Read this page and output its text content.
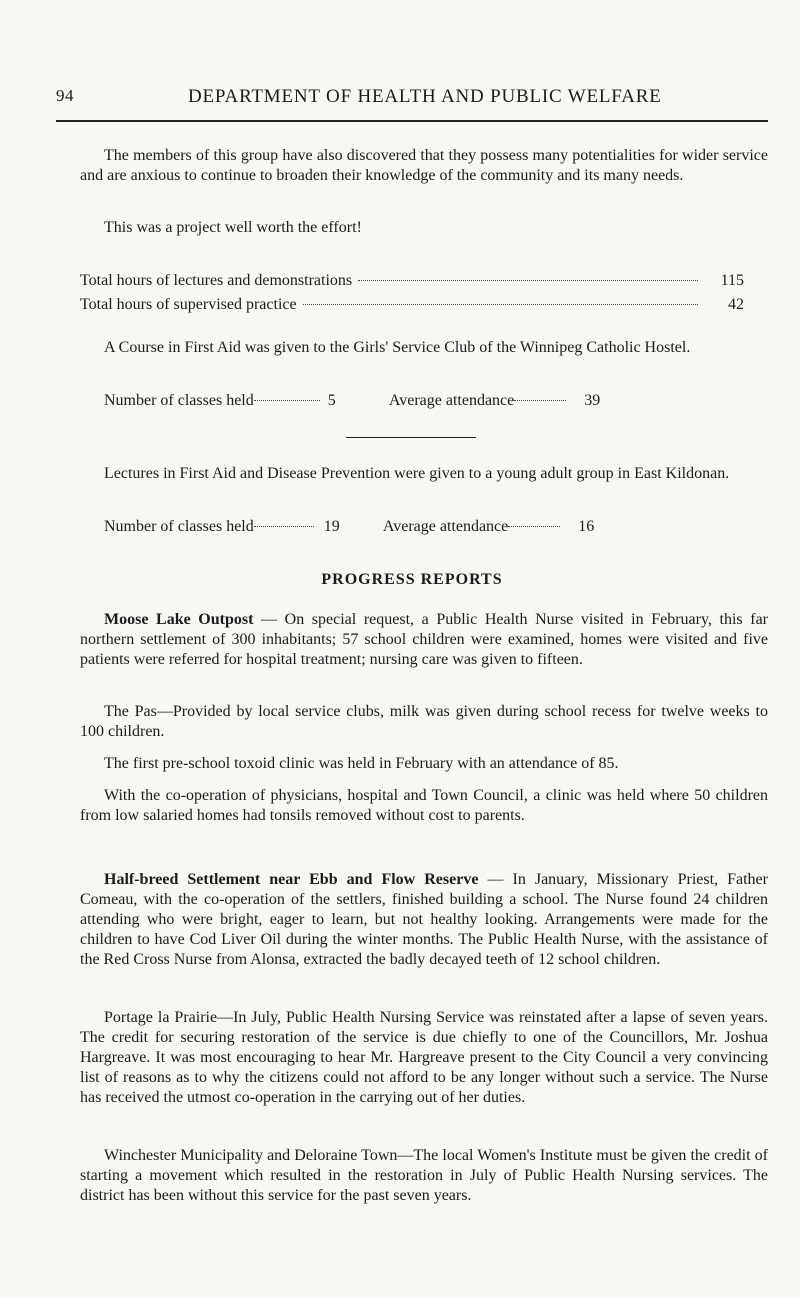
94	DEPARTMENT OF HEALTH AND PUBLIC WELFARE

The members of this group have also discovered that they possess many potentialities for wider service and are anxious to continue to broaden their knowledge of the community and its many needs.

This was a project well worth the effort!

Total hours of lectures and demonstrations	115
Total hours of supervised practice	42

A Course in First Aid was given to the Girls' Service Club of the Winnipeg Catholic Hostel.

Number of classes held	5	Average attendance	39

Lectures in First Aid and Disease Prevention were given to a young adult group in East Kildonan.

Number of classes held	19	Average attendance	16
PROGRESS REPORTS

Moose Lake Outpost — On special request, a Public Health Nurse visited in February, this far northern settlement of 300 inhabitants; 57 school children were examined, homes were visited and five patients were referred for hospital treatment; nursing care was given to fifteen.

The Pas—Provided by local service clubs, milk was given during school recess for twelve weeks to 100 children.

The first pre-school toxoid clinic was held in February with an attendance of 85.

With the co-operation of physicians, hospital and Town Council, a clinic was held where 50 children from low salaried homes had tonsils removed without cost to parents.

Half-breed Settlement near Ebb and Flow Reserve — In January, Missionary Priest, Father Comeau, with the co-operation of the settlers, finished building a school. The Nurse found 24 children attending who were bright, eager to learn, but not healthy looking. Arrangements were made for the children to have Cod Liver Oil during the winter months. The Public Health Nurse, with the assistance of the Red Cross Nurse from Alonsa, extracted the badly decayed teeth of 12 school children.

Portage la Prairie—In July, Public Health Nursing Service was reinstated after a lapse of seven years. The credit for securing restoration of the service is due chiefly to one of the Councillors, Mr. Joshua Hargreave. It was most encouraging to hear Mr. Hargreave present to the City Council a very convincing list of reasons as to why the citizens could not afford to be any longer without such a service. The Nurse has received the utmost co-operation in the carrying out of her duties.

Winchester Municipality and Deloraine Town—The local Women's Institute must be given the credit of starting a movement which resulted in the restoration in July of Public Health Nursing services. The district has been without this service for the past seven years.
